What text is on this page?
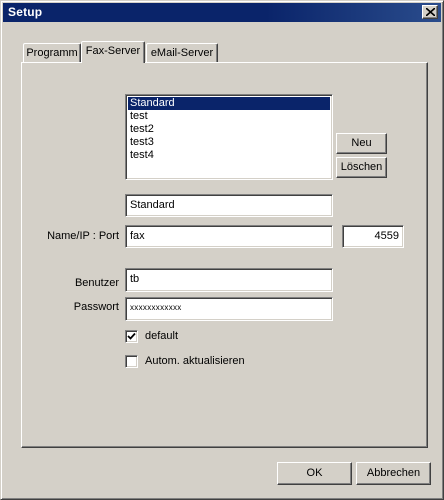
Setup
Programm Fax-Server eMail-Server
Standard
test
test2
test3
test4
Neu
Löschen
Standard
Name/IP : Port	fax	4559
Benutzer	tb
Passwort	xxxxxxxxxxxx
default
Autom. aktualisieren
OK	Abbrechen
